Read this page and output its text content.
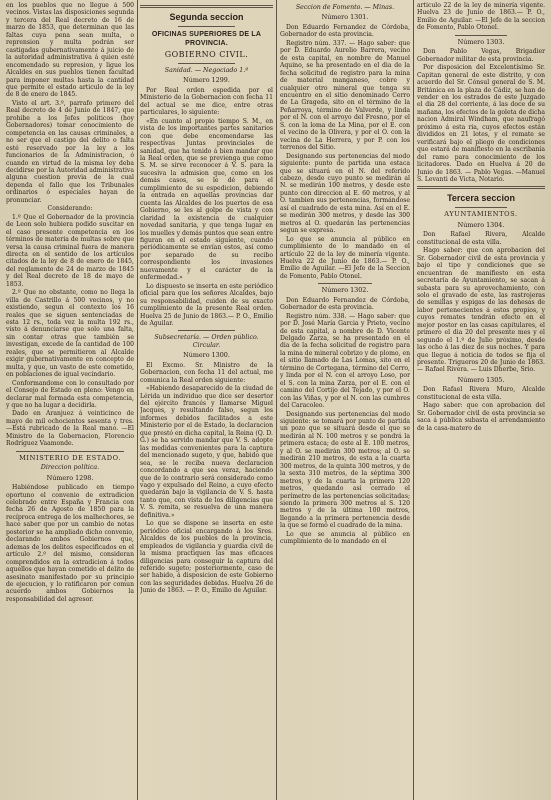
en los pueblos que no llegue á 500 vecinos. Vistas las disposiciones segunda y tercera del Real decreto de 16 de marzo de 1853, que determinan que las faltas cuya pena sean multa, o reprension y multa podrán ser castigadas gubernativamente á juicio de la autoridad administrativa á quien esté encomendado su represion, y ligue los Alcaldes en sus pueblos tienen facultad para imponer multas hasta la cantidad que permite el estado articulo de la ley de 8 de enero de 1845.

Visto el art. 3.º, parrafo primero del Real decreto de 4 de Junio de 1847, que prohibe a los Jefes politicos (hoy Gobernadores) tomar conocimiento de competencia en las causas criminales, a no ser que el castigo del delito o falta esté reservado por la ley a los funcionarios de la Administracion, ó cuando en virtud de la misma ley deba decidirse por la Autoridad administrativa alguna cuestion previa de la cual dependa el fallo que los Tribunales ordinarios ó especiales hayan de pronunciar.

Considerando:

1.º Que el Gobernador de la provincia de Leon solo hubiera podido suscitar en el caso presente competencia en los términos de materia de multas sobre que versa la causa criminal fuera de manera directa en el sentido de los artículos citados de la ley de 8 de enero de 1845, del reglamento de 24 de marzo de 1845 y del Real decreto de 18 de mayo de 1853.

2.º Que no obstante, como no llega la villa de Castrillo á 500 vecinos, y no existiendo, segun el contexto los 16 reales que se siguen sentenciadas de esta 12 rs., toda vez la multa 192 rs., visto á denunciarse que solo una falta, sin contar otras que también se investigan, excede de la cantidad de 100 reales, que se permitieron al Alcalde exigir gubernativamente en concepto de multa, y que, un vasto de este cometido, en poblaciones de igual vecindario.

Conformandome con lo consultado por el Consejo de Estado en pleno: Vengo en declarar mal formada esta competencia, y que no ha lugar a decidirla.

Dado en Aranjuez á veinticinco de mayo de mil ochocientos sesenta y tres. —Está rubricado de la Real mano. —El Ministro de la Gobernacion, Florencio Rodríguez Vaamonde.

MINISTERIO DE ESTADO.
Direccion política.
Número 1298.

Habiéndose publicado en tiempo oportuno el convenio de extradicion celebrado entre España y Francia con fecha 26 de Agosto de 1850 para la recíproca entrega de los malhechores, se hace saber que por un cambio de notas posterior se ha ampliado dicho convenio, declarando ambos Gobiernos que, ademas de los delitos especificados en el artículo 2.º del mismo, consideran comprendidos en la extradicion á todos aquellos que hayan cometido el delito de asesinato manifestado por su principio de ejecucion, y lo ratificaron por comun acuerdo ambos Gobiernos la responsabilidad del agresor.

Segunda seccion
OFICINAS SUPERIORES DE LA PROVINCIA.
GOBIERNO CIVIL.
Sanidad. — Negociado 1.º
Número 1299.

Por Real orden espedida por el Ministerio de la Gobernacion con fecha 11 del actual se me dice, entre otras particulares, lo siguiente:

«En cuanto al propio tiempo S. M., en vista de los importantes partes sanitarios con que debe encomendarse las respectivas Juntas provinciales de sanidad, que ha tenido á bien mandar que la Real orden, que se previenga que como S. M. se sirve reconocer á V. S. para la sucesiva la admision que, como en los demás casos, se le dé para el cumplimiento de su espedicion, debiendo la entrada en aquellas provincias dar cuenta las Alcaldes de los puertos de esa Gobierno, se les al golpe de vista y con claridad la existencia de cualquier novedad sanitaria, y que tenga lugar en los muelles y demás puntos que sean entre figuran en el estado siguiente, cuando periódicamente se envían estos, así como por separado de su recibo correspondiente los invasiones nuevamente y el carácter de la enfermedad.»

Lo dispuesto se inserta en este periódico oficial para que los señores Alcaldes, bajo su responsabilidad, cuiden de su exacto cumplimiento de la presente Real orden. Huelva 25 de Junio de 1863.— P. O., Emilio de Aguilar.

Subsecretaría. — Orden público. Circular.
Número 1300.

El Excmo. Sr. Ministro de la Gobernacion, con fecha 11 del actual, me comunica la Real orden siguiente:

«Habiendo desaparecido de la ciudad de Lérida un individuo que dice ser desertor del ejército francés y llamarse Miguel Jacques, y resultando falso, segun los informes debidos facilitados a este Ministerio por el de Estado, la declaracion que prestó en dicha capital, la Reina (Q. D. G.) se ha servido mandar que V. S. adopte las medidas convenientes para la captura del mencionado sugeto, y que, habido que sea, se le reciba nueva declaracion concordando a que sea veraz, haciendo que de lo contrario será considerado como vago y expulsado del Reino, a cuyo efecto quedarán bajo la vigilancia de V. S. hasta tanto que, con vista de los diligencias que V. S. remita, se resuelva de una manera definitiva.»

Lo que se dispone se inserta en este periódico oficial encargando á los Sres. Alcaldes de los pueblos de la provincia, empleados de vigilancia y guardia civil de la misma practiquen las mas eficaces diligencias para conseguir la captura del referido sugeto; posteriormente, caso de ser habido, á disposicion de este Gobierno con las seguridades debidas. Huelva 26 de Junio de 1863. — P. O., Emilio de Aguilar.

Seccion de Fomento. — Minas.
Número 1301.

Don Eduardo Fernandez de Córdoba, Gobernador de esta provincia.

Registro núm. 337. — Hago saber: que por D. Eduardo Aurelio Barrera, vecino de esta capital, en nombre de Manuel Aquino, se ha presentado en el dia de la fecha solicitud de registro para la mina de material manganeso, cobre y cualquier otro mineral que tenga su encuentro en el sitio denominado Cerro de La Grageda, sito en el término de la Peñarroya, término de Valverde, y linda por el N. con el arroyo del Fresno, por el S. con la loma de La Mina, por el E. con el vecino de la Olivera, y por el O. con la vecina de La Herrera, y por P. con los terrenos del Sitio.

Designando sus pertenencias del modo siguiente: punto de partida una estaca que se situará en el N. del referido cabezo, desde cuyo punto se medirán al N. se medirán 100 metros, y desde este punto con direccion al E. 60 metros, y al O. tambien sus pertenencias, formándose así el cuadrado de esta mina. Así en el E. se medirán 300 metros, y desde las 300 metros al O. quedarán las pertenencias segun se expresa.

Lo que se anuncia al público en cumplimiento de lo mandado en el artículo 22 de la ley de minería vigente. Huelva 22 de Junio de 1863.— P. O., Emilio de Aguilar. —El Jefe de la Seccion de Fomento, Pablo Otonel.

Número 1302.

Don Eduardo Fernandez de Córdoba, Gobernador de esta provincia.

Registro núm. 338. — Hago saber: que por D. José María Garcia y Prieto, vecino de esta capital, a nombre de D. Vicente Delgado Zarza, se ha presentado en el dia de la fecha solicitud de registro para la mina de mineral cobrizo y de plomo, en el sitio llamado de Las Lomas, sito en el término de Cortegana, término del Cerro, y linda por el N. con el arroyo Loso, por el S. con la mina Zarza, por el E. con el camino del Cortijo del Tejado, y por el O. con las Viñas, y por el N. con las cumbres del Caracoleo.

Designando sus pertenencias del modo siguiente: se tomará por punto de partida un pozo que se situará desde el que se medirán al N. 100 metros y se pondrá la primera estaca; de este al E. 100 metros, y al O. se medirán 300 metros; al O. se medirán 210 metros, de esta a la cuarta 300 metros, de la quinta 300 metros, y de la sexta 310 metros, de la séptima 300 metros, y de la cuarta la primera 120 metros, quedando así cerrado el perímetro de las pertenencias solicitadas; siendo la primera 300 metros al S. 120 metros y de la última 100 metros, llegando a la primera pertenencia desde la que se formó el cuadrado de la mina.

Lo que se anuncia al público en cumplimiento de lo mandado en el

artículo 22 de la ley de minería vigente. Huelva 23 de Junio de 1863.— P. O., Emilio de Aguilar. —El Jefe de la seccion de Fomento, Pablo Otonel.

Número 1303.

Don Pablo Vegas, Brigadier Gobernador militar de esta provincia.

Por disposicion del Excelentísimo Sr. Capitan general de este distrito, y con acuerdo del Sr. Cónsul general de S. M. Británica en la plaza de Cádiz, se han de vender en los estrados de este Juzgado el dia 28 del corriente, á las doce de su mañana, los efectos de la goleta de dicha nacion Admiral Windham, que naufragó próximo á esta ria, cuyos efectos están divididos en 21 lotes, y el remate se verificará bajo el pliego de condiciones que estará de manifiesto en la escribanía del ramo para conocimiento de los licitadores. Dado en Huelva á 20 de Junio de 1863. — Pablo Vegas. —Manuel S. Levanti de Victa, Notario.

Tercera seccion
AYUNTAMIENTOS.
Número 1304.

Don Rafael Rivera, Alcalde constitucional de esta villa.

Hago saber: que con aprobacion del Sr. Gobernador civil de esta provincia y bajo el tipo y condiciones que se encuentran de manifiesto en esta secretaría de Ayuntamiento, se sacan á subasta para su aprovechamiento, con solo el gravado de este, las rastrojeras de semillas y espigas de las dehesas de labor pertenecientes á estos propios, y cuyos remates tendrán efecto en el mejor postor en las casas capitulares, el primero el dia 20 del presente mes y el segundo el 1.º de Julio próximo, desde las ocho á las diez de sus noches. Y para que llegue á noticia de todos se fija el presente. Trigueros 20 de Junio de 1863. — Rafael Rivera. — Luis Dherbe, Srio.

Número 1305.

Don Rafael Rivera Muro, Alcalde constitucional de esta villa.

Hago saber: que con aprobacion del Sr. Gobernador civil de esta provincia se saca á pública subasta el arrendamiento de la casa-matero de
